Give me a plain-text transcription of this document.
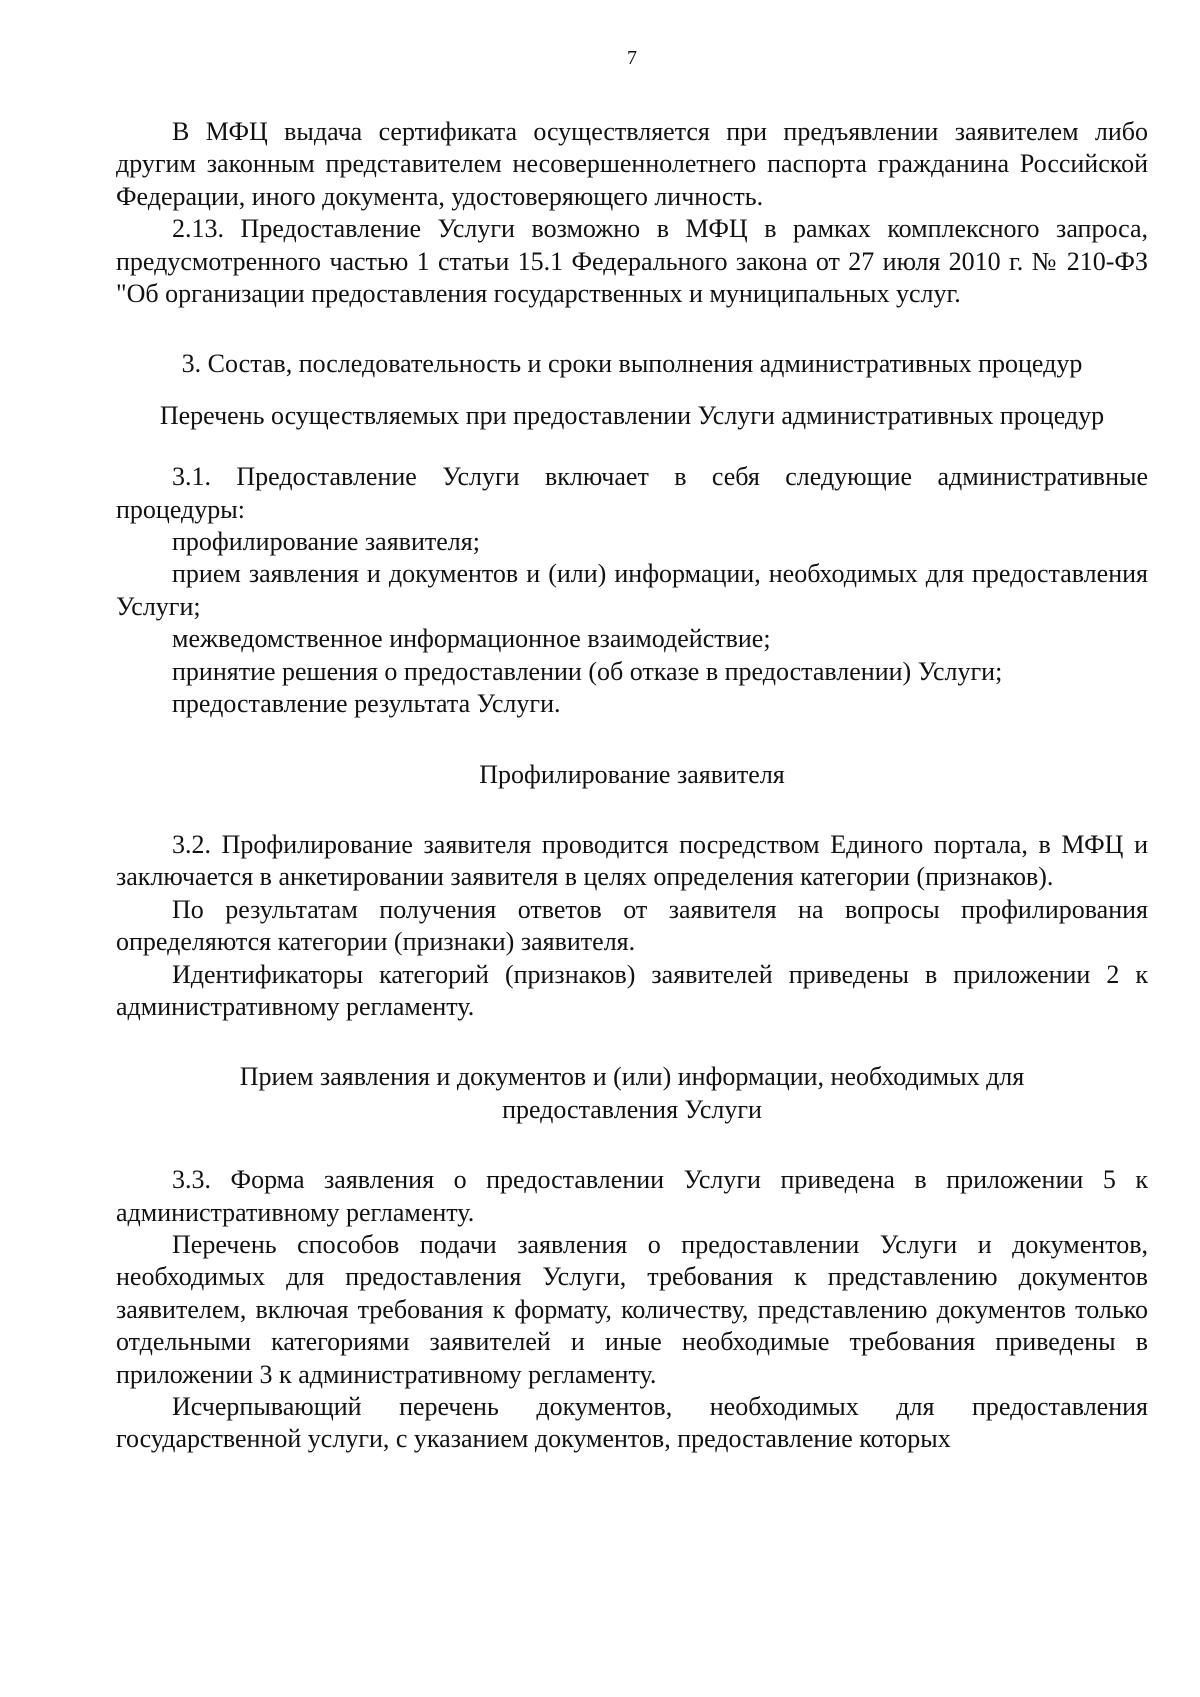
7

В МФЦ выдача сертификата осуществляется при предъявлении заявителем либо другим законным представителем несовершеннолетнего паспорта гражданина Российской Федерации, иного документа, удостоверяющего личность.

2.13. Предоставление Услуги возможно в МФЦ в рамках комплексного запроса, предусмотренного частью 1 статьи 15.1 Федерального закона от 27 июля 2010 г. № 210-ФЗ "Об организации предоставления государственных и муниципальных услуг.

3. Состав, последовательность и сроки выполнения административных процедур

Перечень осуществляемых при предоставлении Услуги административных процедур

3.1. Предоставление Услуги включает в себя следующие административные процедуры:

профилирование заявителя;

прием заявления и документов и (или) информации, необходимых для предоставления Услуги;

межведомственное информационное взаимодействие;

принятие решения о предоставлении (об отказе в предоставлении) Услуги;

предоставление результата Услуги.

Профилирование заявителя

3.2. Профилирование заявителя проводится посредством Единого портала, в МФЦ и заключается в анкетировании заявителя в целях определения категории (признаков).

По результатам получения ответов от заявителя на вопросы профилирования определяются категории (признаки) заявителя.

Идентификаторы категорий (признаков) заявителей приведены в приложении 2 к административному регламенту.

Прием заявления и документов и (или) информации, необходимых для предоставления Услуги

3.3. Форма заявления о предоставлении Услуги приведена в приложении 5 к административному регламенту.

Перечень способов подачи заявления о предоставлении Услуги и документов, необходимых для предоставления Услуги, требования к представлению документов заявителем, включая требования к формату, количеству, представлению документов только отдельными категориями заявителей и иные необходимые требования приведены в приложении 3 к административному регламенту.

Исчерпывающий перечень документов, необходимых для предоставления государственной услуги, с указанием документов, предоставление которых
